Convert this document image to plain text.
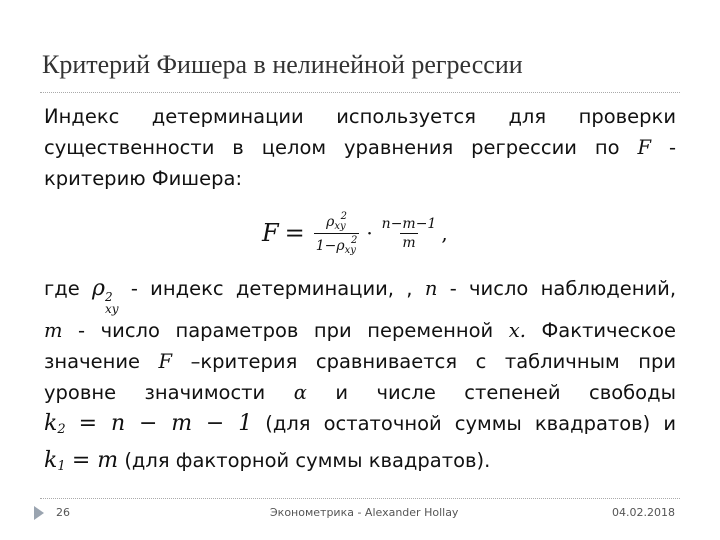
Критерий Фишера в нелинейной регрессии
Индекс детерминации используется для проверки
существенности в целом уравнения регрессии по F -
критерию Фишера:
$F = \frac{\rho_{xy}^2}{1-\rho_{xy}^2} \cdot \frac{n-m-1}{m}$ ,
где ρ 2
xy
- индекс детерминации, , n - число наблюдений,
m - число параметров при переменной x. Фактическое
значение F –критерия сравнивается с табличным при
уровне значимости α и числе степеней свободы
$k_2 = n - m - 1$ (для остаточной суммы квадратов) и
$k_1 = m$ (для факторной суммы квадратов).
26	Эконометрика - Alexander Hollay	04.02.2018
